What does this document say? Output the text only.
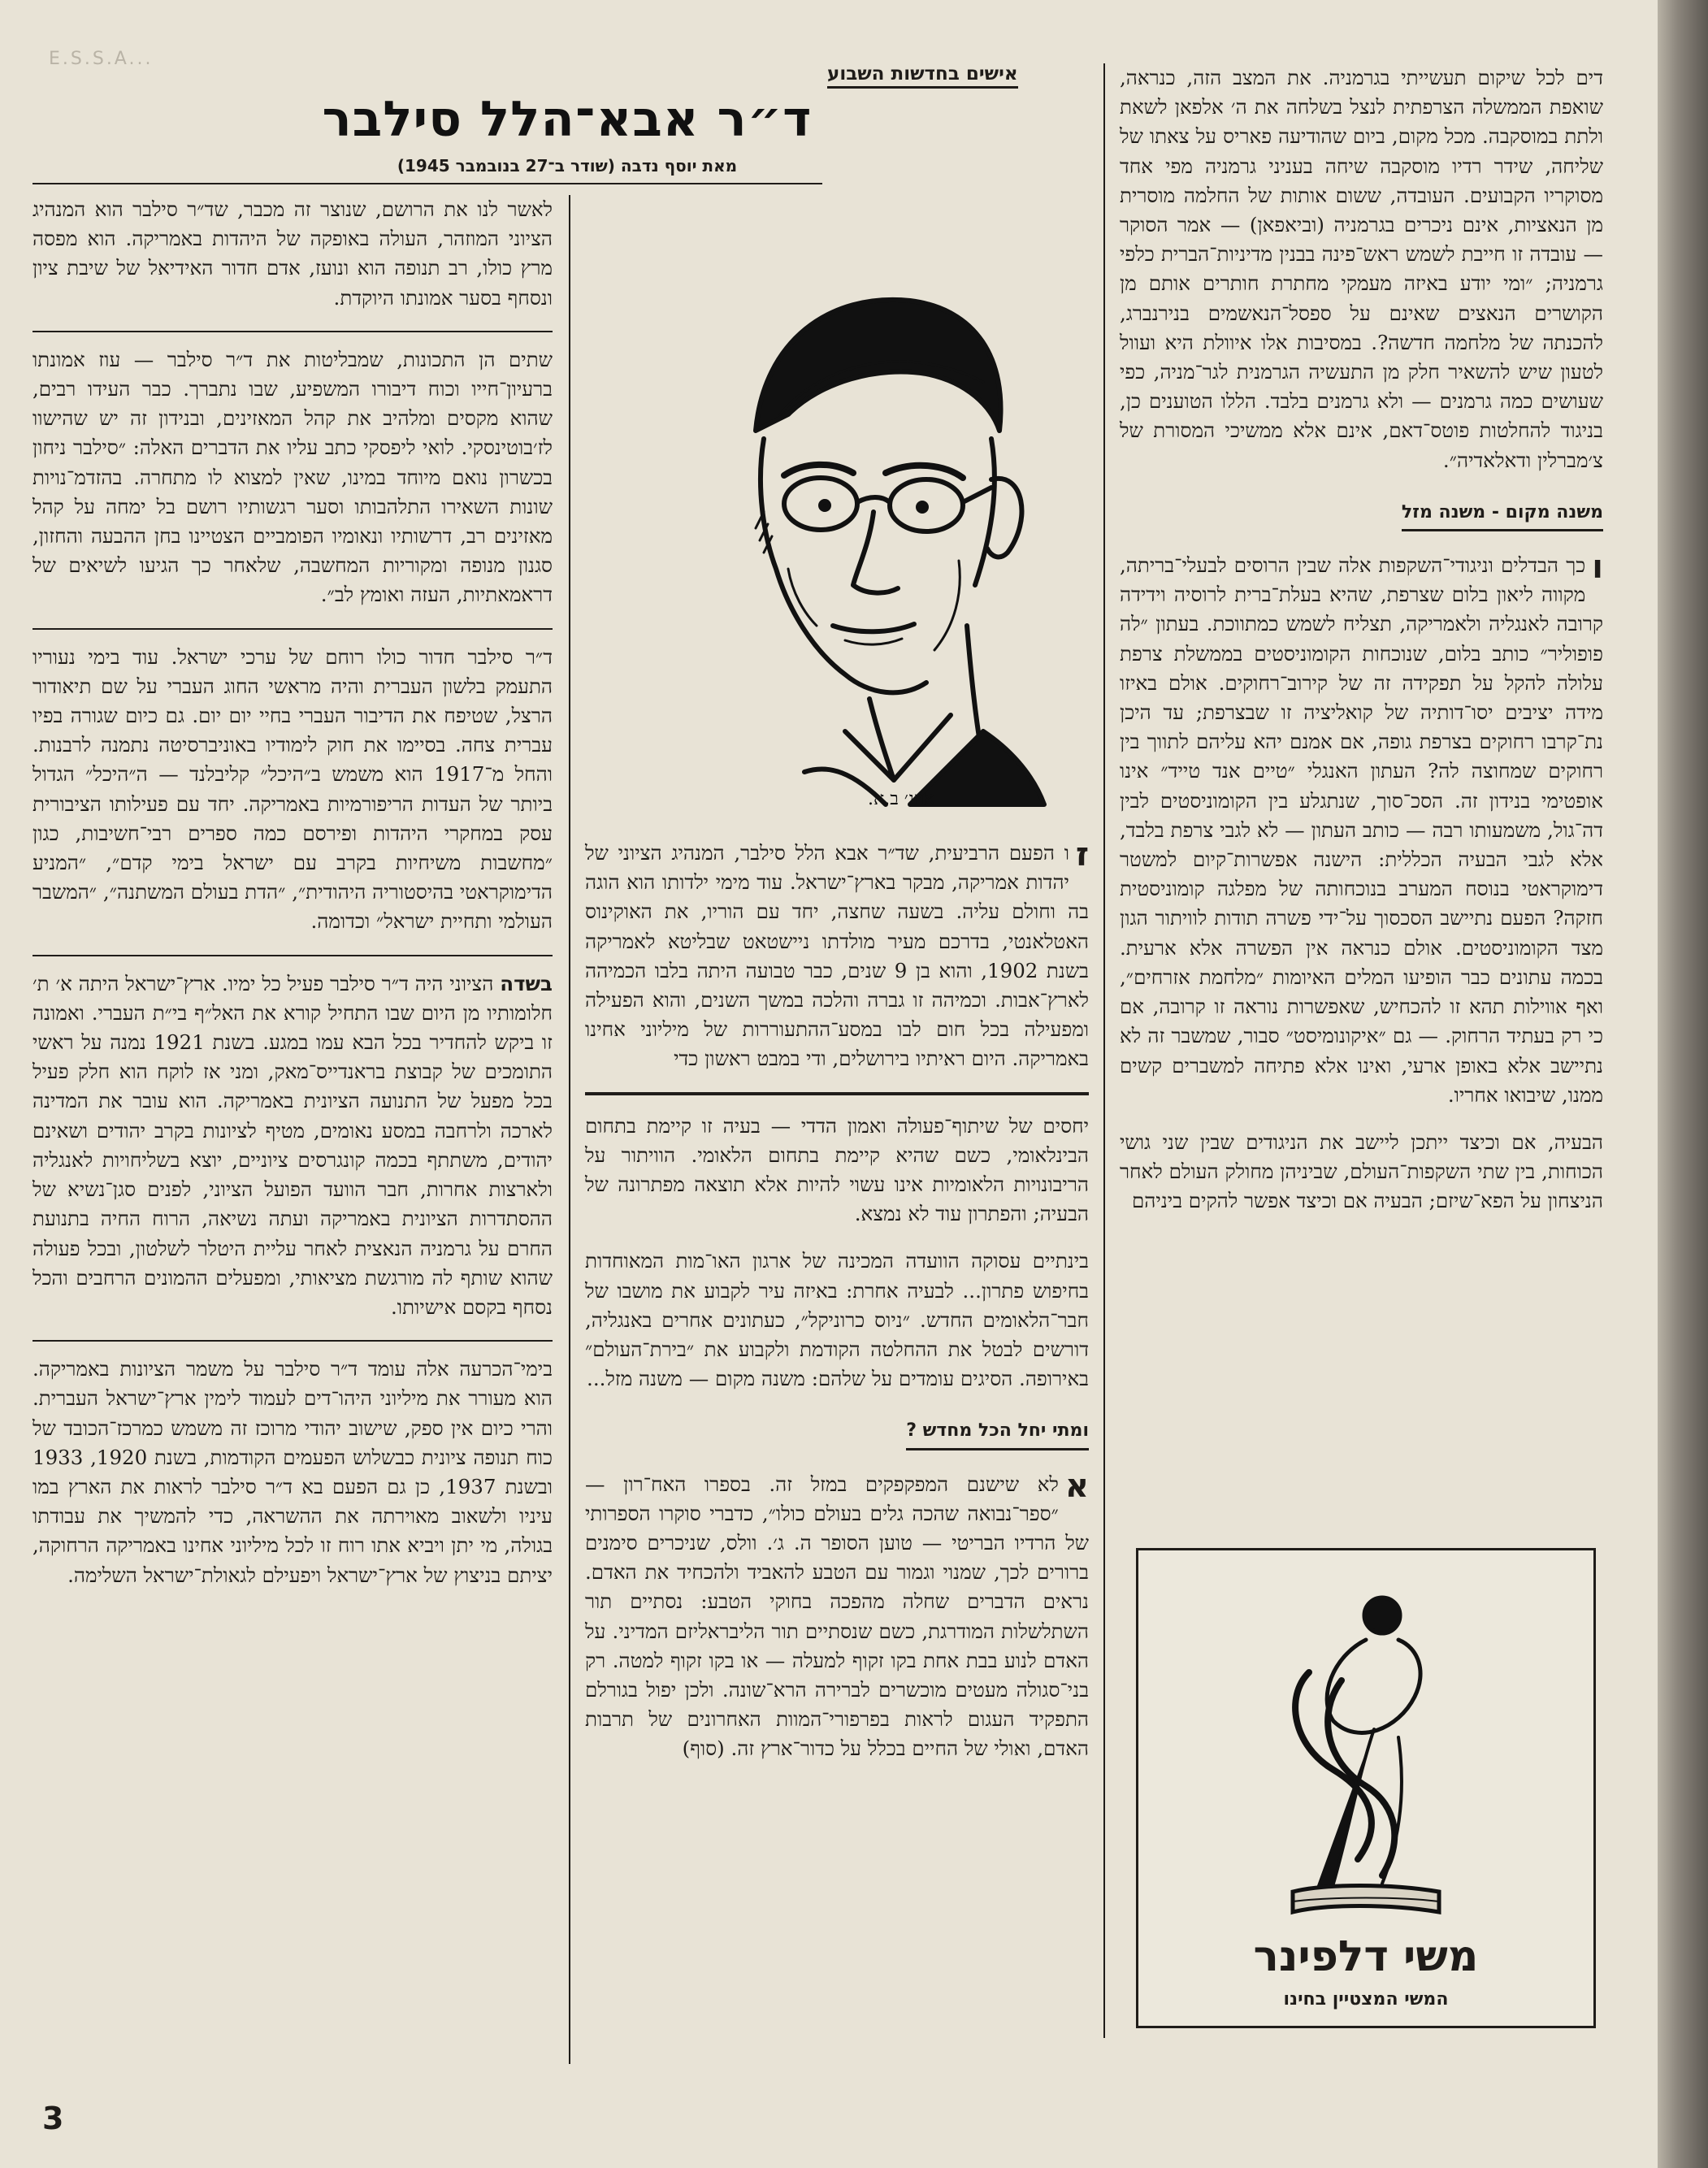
E.S.S.A...
אישים בחדשות השבוע
ד״ר אבא־הלל סילבר
מאת יוסף נדבה (שודר ב־27 בנובמבר 1945)
אוזנ׳ ב.א.

דים לכל שיקום תעשייתי בגרמניה. את המצב הזה, כנראה, שואפת הממשלה הצרפתית לנצל בשלחה את ה׳ אלפאן לשאת ולתת במוסקבה. מכל מקום, ביום שהודיעה פאריס על צאתו של שליחה, שידר רדיו מוסקבה שיחה בעניני גרמניה מפי אחד מסוקריו הקבועים. העובדה, ששום אותות של החלמה מוסרית מן הנאציות, אינם ניכרים בגרמניה (וביאפאן) — אמר הסוקר — עובדה זו חייבת לשמש ראש־פינה בבנין מדיניות־הברית כלפי גרמניה; ״ומי יודע באיזה מעמקי מחתרת חותרים אותם מן הקושרים הנאצים שאינם על ספסל־הנאשמים בנירנברג, להכנתה של מלחמה חדשה?. במסיבות אלו איוולת היא ועוול לטעון שיש להשאיר חלק מן התעשיה הגרמנית לגר־מניה, כפי שעושים כמה גרמנים — ולא גרמנים בלבד. הללו הטוענים כן, בניגוד להחלטות פוטס־דאם, אינם אלא ממשיכי המסורת של צ׳מברלין ודאלאדיה״.

משנה מקום - משנה מזל

ו
כך הבדלים וניגודי־השקפות אלה שבין הרוסים לבעלי־בריתה, מקווה ליאון בלום שצרפת, שהיא בעלת־ברית לרוסיה וידידה קרובה לאנגליה ולאמריקה, תצליח לשמש כמתווכת. בעתון ״לה פופוליר״ כותב בלום, שנוכחות הקומוניסטים בממשלת צרפת עלולה להקל על תפקידה זה של קירוב־רחוקים. אולם באיזו מידה יציבים יסו־דותיה של קואליציה זו שבצרפת; עד היכן נת־קרבו רחוקים בצרפת גופה, אם אמנם יהא עליהם לתווך בין רחוקים שמחוצה לה? העתון האנגלי ״טיים אנד טייד״ אינו אופטימי בנידון זה. הסכ־סוך, שנתגלע בין הקומוניסטים לבין דה־גול, משמעותו רבה — כותב העתון — לא לגבי צרפת בלבד, אלא לגבי הבעיה הכללית: הישנה אפשרות־קיום למשטר דימוקראטי בנוסח המערב בנוכחותה של מפלגה קומוניסטית חזקה? הפעם נתיישב הסכסוך על־ידי פשרה תודות לוויתור הגון מצד הקומוניסטים. אולם כנראה אין הפשרה אלא ארעית. בכמה עתונים כבר הופיעו המלים האיומות ״מלחמת אזרחים״, ואף אווילות תהא זו להכחיש, שאפשרות נוראה זו קרובה, אם כי רק בעתיד הרחוק. — גם ״איקונומיסט״ סבור, שמשבר זה לא נתיישב אלא באופן ארעי, ואינו אלא פתיחה למשברים קשים ממנו, שיבואו אחריו.

הבעיה, אם וכיצד ייתכן ליישב את הניגודים שבין שני גושי הכוחות, בין שתי השקפות־העולם, שביניהן מחולק העולם לאחר הניצחון על הפא־שיזם; הבעיה אם וכיצד אפשר להקים ביניהם

ז
ו הפעם הרביעית, שד״ר אבא הלל סילבר, המנהיג הציוני של יהדות אמריקה, מבקר בארץ־ישראל. עוד מימי ילדותו הוא הוגה בה וחולם עליה. בשעה שחצה, יחד עם הוריו, את האוקינוס האטלאנטי, בדרכם מעיר מולדתו ניישטאט שבליטא לאמריקה בשנת 1902, והוא בן 9 שנים, כבר טבועה היתה בלבו הכמיהה לארץ־אבות. וכמיהה זו גברה והלכה במשך השנים, והוא הפעילה ומפעילה בכל חום לבו במסע־ההתעוררות של מיליוני אחינו באמריקה. היום ראיתיו בירושלים, ודי במבט ראשון כדי

יחסים של שיתוף־פעולה ואמון הדדי — בעיה זו קיימת בתחום הבינלאומי, כשם שהיא קיימת בתחום הלאומי. הוויתור על הריבונויות הלאומיות אינו עשוי להיות אלא תוצאה מפתרונה של הבעיה; והפתרון עוד לא נמצא.

בינתיים עסוקה הוועדה המכינה של ארגון האו־מות המאוחדות בחיפוש פתרון... לבעיה אחרת: באיזה עיר לקבוע את מושבו של חבר־הלאומים החדש. ״ניוס כרוניקל״, כעתונים אחרים באנגליה, דורשים לבטל את ההחלטה הקודמת ולקבוע את ״בירת־העולם״ באירופה. הסיגים עומדים על שלהם: משנה מקום — משנה מזל...

ומתי יחל הכל מחדש ?

א
לא שישנם המפקפקים במזל זה. בספרו האח־רון — ״ספר־נבואה שהכה גלים בעולם כולו״, כדברי סוקרו הספרותי של הרדיו הבריטי — טוען הסופר ה. ג׳. וולס, שניכרים סימנים ברורים לכך, שמנוי וגמור עם הטבע להאביד ולהכחיד את האדם. נראים הדברים שחלה מהפכה בחוקי הטבע: נסתיים תור השתלשלות המודרגת, כשם שנסתיים תור הליבראליזם המדיני. על האדם לנוע בבת אחת בקו זקוף למעלה — או בקו זקוף למטה. רק בני־סגולה מעטים מוכשרים לברירה הרא־שונה. ולכן יפול בגורלם התפקיד העגום לראות בפרפורי־המוות האחרונים של תרבות האדם, ואולי של החיים בכלל על כדור־ארץ זה. (סוף)

לאשר לנו את הרושם, שנוצר זה מכבר, שד״ר סילבר הוא המנהיג הציוני המוזהר, העולה באופקה של היהדות באמריקה. הוא מפסה מרץ כולו, רב תנופה הוא ונועז, אדם חדור האידיאל של שיבת ציון ונסחף בסער אמונתו היוקדת.

שתים הן התכונות, שמבליטות את ד״ר סילבר — עוז אמונתו ברעיון־חייו וכוח דיבורו המשפיע, שבו נתברך. כבר העידו רבים, שהוא מקסים ומלהיב את קהל המאזינים, ובנידון זה יש שהישוו לז׳בוטינסקי. לואי ליפסקי כתב עליו את הדברים האלה: ״סילבר ניחון בכשרון נואם מיוחד במינו, שאין למצוא לו מתחרה. בהזדמ־נויות שונות השאירו התלהבותו וסער רגשותיו רושם בל ימחה על קהל מאזינים רב, דרשותיו ונאומיו הפומביים הצטיינו בחן ההבעה והחזון, סגנון מנופה ומקוריות המחשבה, שלאחר כך הגיעו לשיאים של דראמאתיות, העזה ואומץ לב״.

ד״ר סילבר חדור כולו רוחם של ערכי ישראל. עוד בימי נעוריו התעמק בלשון העברית והיה מראשי החוג העברי על שם תיאודור הרצל, שטיפח את הדיבור העברי בחיי יום יום. גם כיום שגורה בפיו עברית צחה. בסיימו את חוק לימודיו באוניברסיטה נתמנה לרבנות. והחל מ־1917 הוא משמש ב״היכל״ קליבלנד — ה״היכל״ הגדול ביותר של העדות הריפורמיות באמריקה. יחד עם פעילותו הציבורית עסק במחקרי היהדות ופירסם כמה ספרים רבי־חשיבות, כגון ״מחשבות משיחיות בקרב עם ישראל בימי קדם״, ״המניע הדימוקראטי בהיסטוריה היהודית״, ״הדת בעולם המשתנה״, ״המשבר העולמי ותחיית ישראל״ וכדומה.

בשדה הציוני היה ד״ר סילבר פעיל כל ימיו. ארץ־ישראל היתה א׳ ת׳ חלומותיו מן היום שבו התחיל קורא את האל״ף בי״ת העברי. ואמונה זו ביקש להחדיר בכל הבא עמו במגע. בשנת 1921 נמנה על ראשי התומכים של קבוצת בראנדייס־מאק, ומני אז לוקח הוא חלק פעיל בכל מפעל של התנועה הציונית באמריקה. הוא עובר את המדינה לארכה ולרחבה במסע נאומים, מטיף לציונות בקרב יהודים ושאינם יהודים, משתתף בכמה קונגרסים ציוניים, יוצא בשליחויות לאנגליה ולארצות אחרות, חבר הוועד הפועל הציוני, לפנים סגן־נשיא של ההסתדרות הציונית באמריקה ועתה נשיאה, הרוח החיה בתנועת החרם על גרמניה הנאצית לאחר עליית היטלר לשלטון, ובכל פעולה שהוא שותף לה מורגשת מציאותי, ומפעלים ההמונים הרחבים והכל נסחף בקסם אישיותו.

בימי־הכרעה אלה עומד ד״ר סילבר על משמר הציונות באמריקה. הוא מעורר את מיליוני היהו־דים לעמוד לימין ארץ־ישראל העברית. והרי כיום אין ספק, שישוב יהודי מרוכז זה משמש כמרכז־הכובד של כוח תנופה ציונית כבשלוש הפעמים הקודמות, בשנת 1920, 1933 ובשנת 1937, כן גם הפעם בא ד״ר סילבר לראות את הארץ במו עיניו ולשאוב מאוירתה את ההשראה, כדי להמשיך את עבודתו בגולה, מי יתן ויביא אתו רוח זו לכל מיליוני אחינו באמריקה הרחוקה, יציתם בניצוץ של ארץ־ישראל ויפעילם לגאולת־ישראל השלימה.

משי דלפינר
המשי המצטיין בחינו
3
